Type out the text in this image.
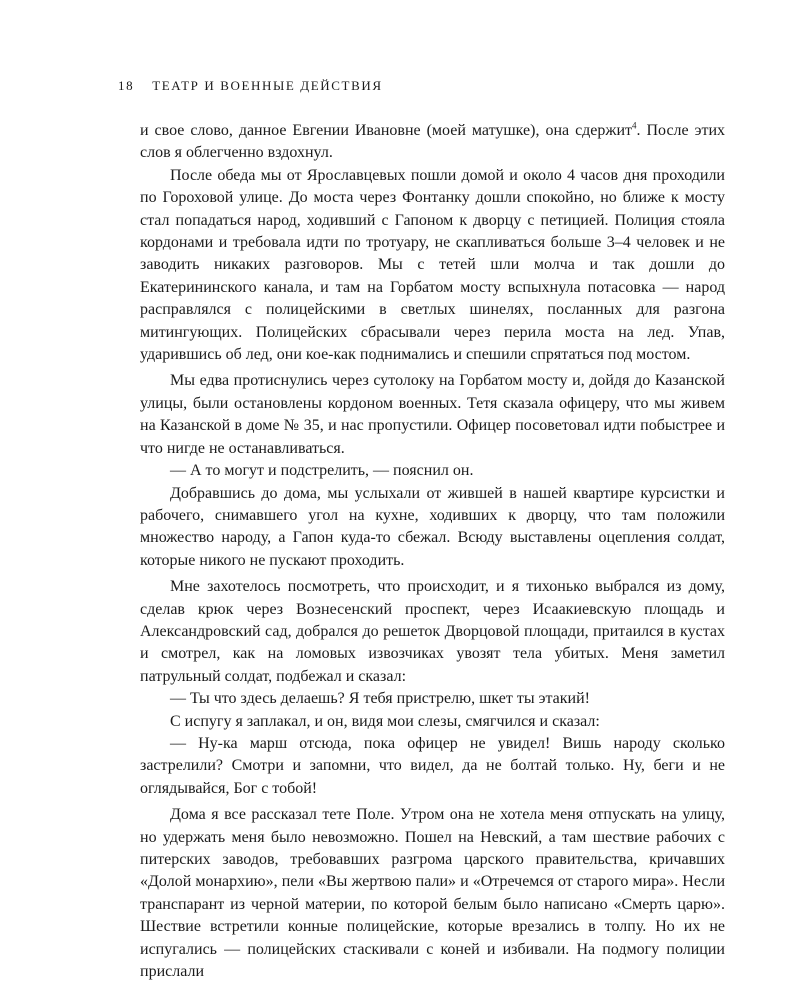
18 ТЕАТР И ВОЕННЫЕ ДЕЙСТВИЯ

и свое слово, данное Евгении Ивановне (моей матушке), она сдержит$^4$. После этих слов я облегченно вздохнул.

После обеда мы от Ярославцевых пошли домой и около 4 часов дня проходили по Гороховой улице. До моста через Фонтанку дошли спокойно, но ближе к мосту стал попадаться народ, ходивший с Гапоном к дворцу с петицией. Полиция стояла кордонами и требовала идти по тротуару, не скапливаться больше 3–4 человек и не заводить никаких разговоров. Мы с тетей шли молча и так дошли до Екатерининского канала, и там на Горбатом мосту вспыхнула потасовка — народ расправлялся с полицейскими в светлых шинелях, посланных для разгона митингующих. Полицейских сбрасывали через перила моста на лед. Упав, ударившись об лед, они кое-как поднимались и спешили спрятаться под мостом.

Мы едва протиснулись через сутолоку на Горбатом мосту и, дойдя до Казанской улицы, были остановлены кордоном военных. Тетя сказала офицеру, что мы живем на Казанской в доме № 35, и нас пропустили. Офицер посоветовал идти побыстрее и что нигде не останавливаться.

— А то могут и подстрелить, — пояснил он.

Добравшись до дома, мы услыхали от жившей в нашей квартире курсистки и рабочего, снимавшего угол на кухне, ходивших к дворцу, что там положили множество народу, а Гапон куда-то сбежал. Всюду выставлены оцепления солдат, которые никого не пускают проходить.

Мне захотелось посмотреть, что происходит, и я тихонько выбрался из дому, сделав крюк через Вознесенский проспект, через Исаакиевскую площадь и Александровский сад, добрался до решеток Дворцовой площади, притаился в кустах и смотрел, как на ломовых извозчиках увозят тела убитых. Меня заметил патрульный солдат, подбежал и сказал:

— Ты что здесь делаешь? Я тебя пристрелю, шкет ты этакий!

С испугу я заплакал, и он, видя мои слезы, смягчился и сказал:

— Ну-ка марш отсюда, пока офицер не увидел! Вишь народу сколько застрелили? Смотри и запомни, что видел, да не болтай только. Ну, беги и не оглядывайся, Бог с тобой!

Дома я все рассказал тете Поле. Утром она не хотела меня отпускать на улицу, но удержать меня было невозможно. Пошел на Невский, а там шествие рабочих с питерских заводов, требовавших разгрома царского правительства, кричавших «Долой монархию», пели «Вы жертвою пали» и «Отречемся от старого мира». Несли транспарант из черной материи, по которой белым было написано «Смерть царю». Шествие встретили конные полицейские, которые врезались в толпу. Но их не испугались — полицейских стаскивали с коней и избивали. На подмогу полиции прислали
